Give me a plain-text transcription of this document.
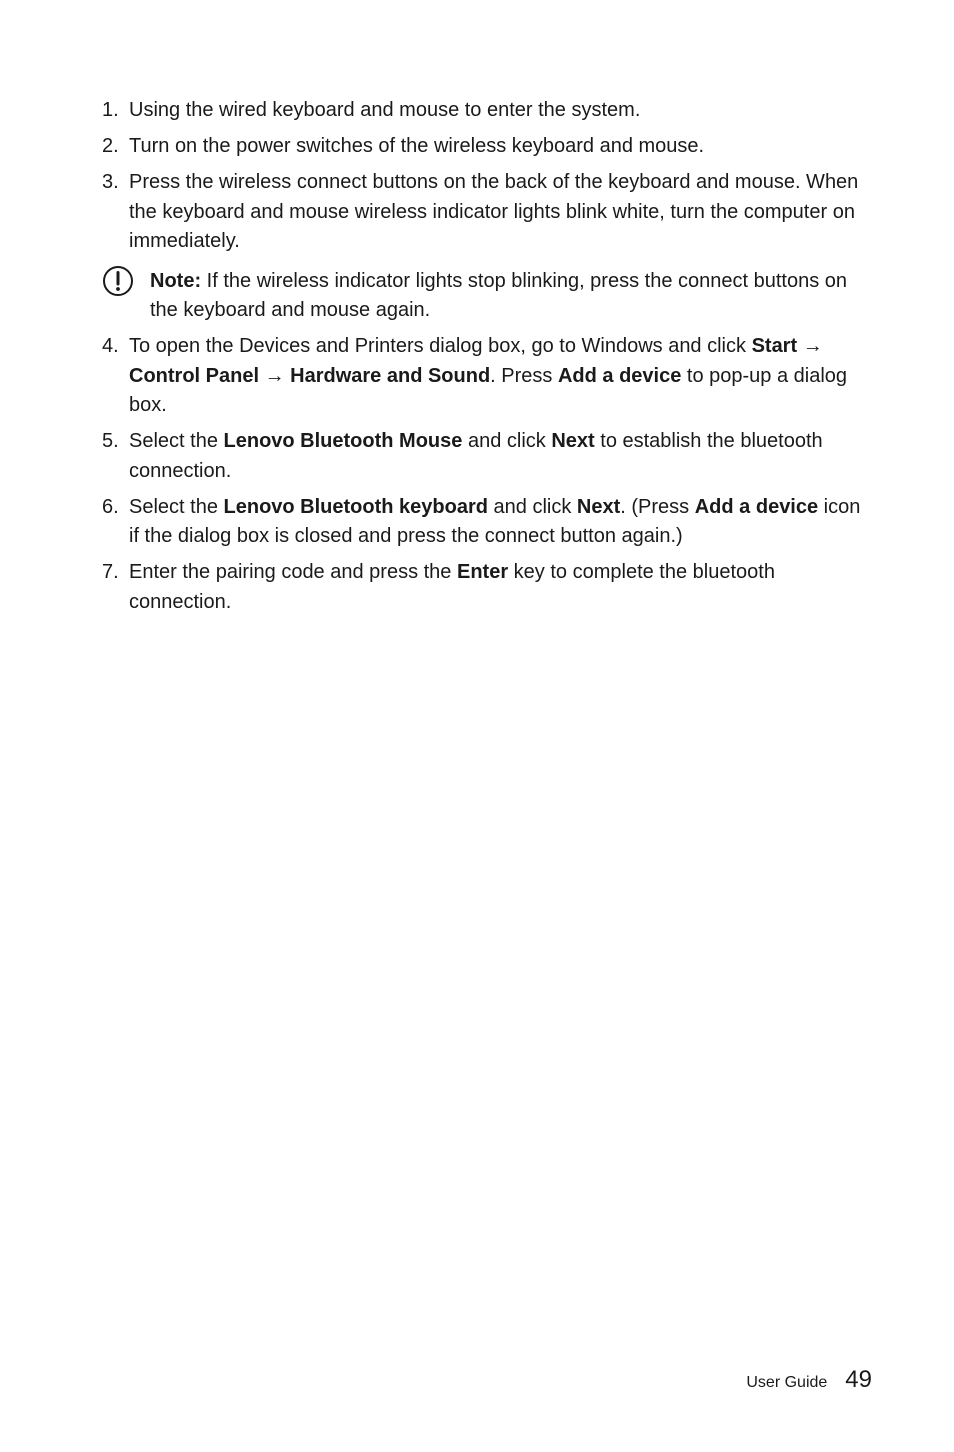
1. Using the wired keyboard and mouse to enter the system.
2. Turn on the power switches of the wireless keyboard and mouse.
3. Press the wireless connect buttons on the back of the keyboard and mouse. When the keyboard and mouse wireless indicator lights blink white, turn the computer on immediately.
Note: If the wireless indicator lights stop blinking, press the connect buttons on the keyboard and mouse again.
4. To open the Devices and Printers dialog box, go to Windows and click Start → Control Panel → Hardware and Sound. Press Add a device to pop-up a dialog box.
5. Select the Lenovo Bluetooth Mouse and click Next to establish the bluetooth connection.
6. Select the Lenovo Bluetooth keyboard and click Next. (Press Add a device icon if the dialog box is closed and press the connect button again.)
7. Enter the pairing code and press the Enter key to complete the bluetooth connection.
User Guide 49
